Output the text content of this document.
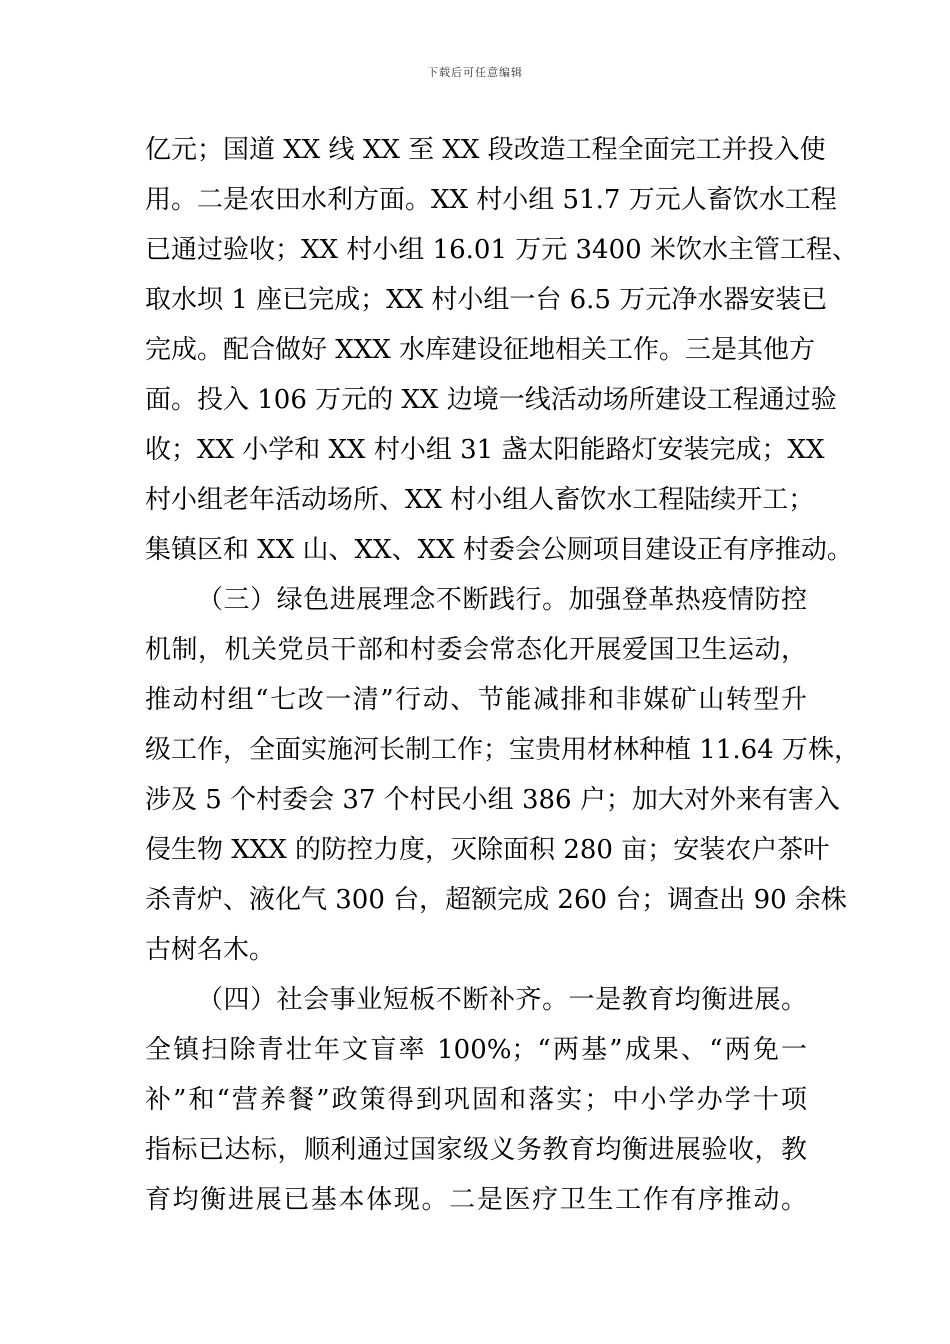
下载后可任意编辑
亿元；国道 XX 线 XX 至 XX 段改造工程全面完工并投入使
用。二是农田水利方面。XX 村小组 51.7 万元人畜饮水工程
已通过验收；XX 村小组 16.01 万元 3400 米饮水主管工程、
取水坝 1 座已完成；XX 村小组一台 6.5 万元净水器安装已
完成。配合做好 XXX 水库建设征地相关工作。三是其他方
面。投入 106 万元的 XX 边境一线活动场所建设工程通过验
收；XX 小学和 XX 村小组 31 盏太阳能路灯安装完成；XX
村小组老年活动场所、XX 村小组人畜饮水工程陆续开工；
集镇区和 XX 山、XX、XX 村委会公厕项目建设正有序推动。
（三）绿色进展理念不断践行。加强登革热疫情防控
机制，机关党员干部和村委会常态化开展爱国卫生运动，
推动村组“七改一清”行动、节能减排和非媒矿山转型升
级工作，全面实施河长制工作；宝贵用材林种植 11.64 万株，
涉及 5 个村委会 37 个村民小组 386 户；加大对外来有害入
侵生物 XXX 的防控力度，灭除面积 280 亩；安装农户茶叶
杀青炉、液化气 300 台，超额完成 260 台；调查出 90 余株
古树名木。
（四）社会事业短板不断补齐。一是教育均衡进展。
全镇扫除青壮年文盲率 100%；“两基”成果、“两免一
补”和“营养餐”政策得到巩固和落实；中小学办学十项
指标已达标，顺利通过国家级义务教育均衡进展验收，教
育均衡进展已基本体现。二是医疗卫生工作有序推动。
